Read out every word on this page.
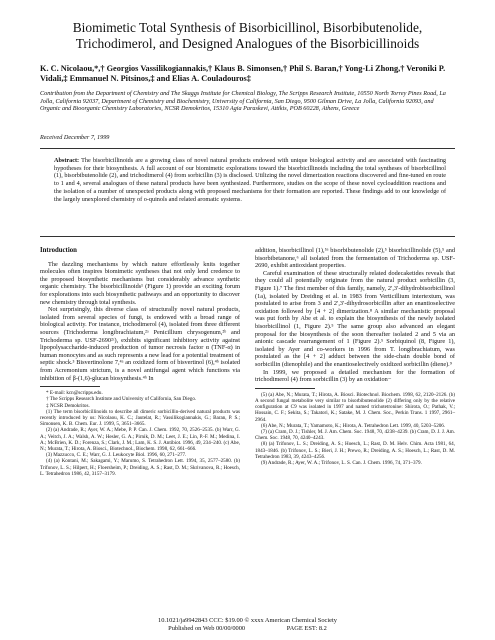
Biomimetic Total Synthesis of Bisorbicillinol, Bisorbibutenolide, Trichodimerol, and Designed Analogues of the Bisorbicillinoids
K. C. Nicolaou,*,† Georgios Vassilikogiannakis,† Klaus B. Simonsen,† Phil S. Baran,† Yong-Li Zhong,† Veroniki P. Vidali,‡ Emmanuel N. Pitsinos,‡ and Elias A. Couladouros‡
Contribution from the Department of Chemistry and The Skaggs Institute for Chemical Biology, The Scripps Research Institute, 10550 North Torrey Pines Road, La Jolla, California 92037, Department of Chemistry and Biochemistry, University of California, San Diego, 9500 Gilman Drive, La Jolla, California 92093, and Organic and Bioorganic Chemistry Laboratories, NCSR Demokritos, 15310 Agia Paraskevi, Attikis, POB 60228, Athens, Greece
Received December 7, 1999
Abstract: The bisorbicillinoids are a growing class of novel natural products endowed with unique biological activity and are associated with fascinating hypotheses for their biosynthesis. A full account of our biomimetic explorations toward the bisorbicillinoids including the total syntheses of bisorbicillinol (1), bisorbibutenolide (2), and trichodimerol (4) from sorbicillin (3) is disclosed. Utilizing the novel dimerization reactions discovered and fine-tuned en route to 1 and 4, several analogues of these natural products have been synthesized. Furthermore, studies on the scope of these novel cycloaddition reactions and the isolation of a number of unexpected products along with proposed mechanisms for their formation are reported. These findings add to our knowledge of the largely unexplored chemistry of o-quinols and related aromatic systems.
Introduction

The dazzling mechanisms by which nature effortlessly knits together molecules often inspires biomimetic syntheses that not only lend credence to the proposed biosynthetic mechanisms but considerably advance synthetic organic chemistry. The bisorbicillinoids¹ (Figure 1) provide an exciting forum for explorations into such biosynthetic pathways and an opportunity to discover new chemistry through total synthesis.

Not surprisingly, this diverse class of structurally novel natural products, isolated from several species of fungi, is endowed with a broad range of biological activity. For instance, trichodimerol (4), isolated from three different sources (Trichoderma longibrachiatum,²ᵃ Penicillium chrysogenum,²ᵇ and Trichoderma sp. USF-2690²ᶜ), exhibits significant inhibitory activity against lipopolysaccharide-induced production of tumor necrosis factor α (TNF-α) in human monocytes and as such represents a new lead for a potential treatment of septic shock.³ Bisvertinolone 7,⁴ᵃ an oxidized form of bisvertinol (6),⁴ᵇ isolated from Acremonium strictum, is a novel antifungal agent which functions via inhibition of β-(1,6)-glucan biosynthesis.⁴ᵇ In

* E-mail: kcn@scripps.edu.

† The Scripps Research Institute and University of California, San Diego.

‡ NCSR Demokritos.

(1) The term bisorbicillinoids to describe all dimeric sorbicillin-derived natural products was recently introduced by us: Nicolaou, K. C.; Jautelat, R.; Vassilikogiannakis, G.; Baran, P. S.; Simonsen, K. B. Chem. Eur. J. 1999, 5, 3651–3665.

(2) (a) Andrade, R.; Ayer, W. A.; Mebe, P. P. Can. J. Chem. 1992, 70, 2526–2535. (b) Warr, G. A.; Veitch, J. A.; Walsh, A. W.; Hesler, G. A.; Pirnik, D. M.; Leet, J. E.; Lin, P.-F. M.; Medina, I. A.; McBrien, K. D.; Forenza, S.; Clark, J. M.; Lam, K. S. J. Antibiot. 1996, 49, 234–240. (c) Abe, N.; Murata, T.; Hirota, A. Biosci., Biotechnol., Biochem. 1998, 62, 661–666.

(3) Mazzucco, C. E.; Warr, G. J. Leukocyte Biol. 1996, 60, 271–277.

(4) (a) Kontani, M.; Sakagami, Y.; Marumo, S. Tetrahedron Lett. 1994, 35, 2577–2580. (b) Trifonov, L. S.; Hilpert, H.; Floersheim, P.; Dreiding, A. S.; Rast, D. M.; Skrivanova, R.; Hoesch, L. Tetrahedron 1986, 42, 3157–3179.

addition, bisorbicillinol (1),⁵ᵃ bisorbibutenolide (2),⁵ bisorbicillinolide (5),⁵ and bisorbibetanone,⁶ all isolated from the fermentation of Trichoderma sp. USF-2690, exhibit antioxidant properties.

Careful examination of these structurally related dodecaketides reveals that they could all potentially originate from the natural product sorbicillin (3, Figure 1).⁷ The first member of this family, namely, 2′,3′-dihydrobisorbicillinol (1a), isolated by Dreiding et al. in 1983 from Verticillium intertextum, was postulated to arise from 3 and 2′,3′-dihydrosorbicillin after an enantioselective oxidation followed by [4 + 2] dimerization.⁸ A similar mechanistic proposal was put forth by Abe et al. to explain the biosynthesis of the newly isolated bisorbicillinol (1, Figure 2).⁵ The same group also advanced an elegant proposal for the biosynthesis of the soon thereafter isolated 2 and 5 via an anionic cascade rearrangement of 1 (Figure 2).⁵ Sorbiquinol (8, Figure 1), isolated by Ayer and co-workers in 1996 from T. longibrachiatum, was postulated as the [4 + 2] adduct between the side-chain double bond of sorbicillin (dienophile) and the enantioselectively oxidized sorbicillin (diene).⁹

In 1999, we proposed a detailed mechanism for the formation of trichodimerol (4) from sorbicillin (3) by an oxidation−

(5) (a) Abe, N.; Murata, T.; Hirota, A. Biosci. Biotechnol. Biochem. 1998, 62, 2120–2126. (b) A second fungal metabolite very similar to bisorbibutenolide (2) differing only by the relative configuration at C9 was isolated in 1997 and named trichotetronine: Shirota, O.; Pathak, V.; Hossain, C. F.; Sekita, S.; Takatori, K.; Satake, M. J. Chem. Soc., Perkin Trans. 1 1997, 2961–2964.

(6) Abe, N.; Murata, T.; Yamamoto, K.; Hirota, A. Tetrahedron Lett. 1999, 40, 5203–5206.

(7) (a) Cram, D. J.; Tishler, M. J. Am. Chem. Soc. 1948, 70, 4238–4239. (b) Cram, D. J. J. Am. Chem. Soc. 1948, 70, 4240–4243.

(8) (a) Trifonov, L. S.; Dreiding, A. S.; Hoesch, L.; Rast, D. M. Helv. Chim. Acta 1981, 64, 1843–1846. (b) Trifonov, L. S.; Bieri, J. H.; Prewo, R.; Dreiding, A. S.; Hoesch, L.; Rast, D. M. Tetrahedron 1983, 39, 4243–4256.

(9) Andrade, R.; Ayer, W. A.; Trifonov, L. S. Can. J. Chem. 1996, 74, 371–379.

10.1021/ja9942843 CCC: $19.00 © xxxx American Chemical Society
Published on Web 00/00/0000	PAGE EST: 8.2
